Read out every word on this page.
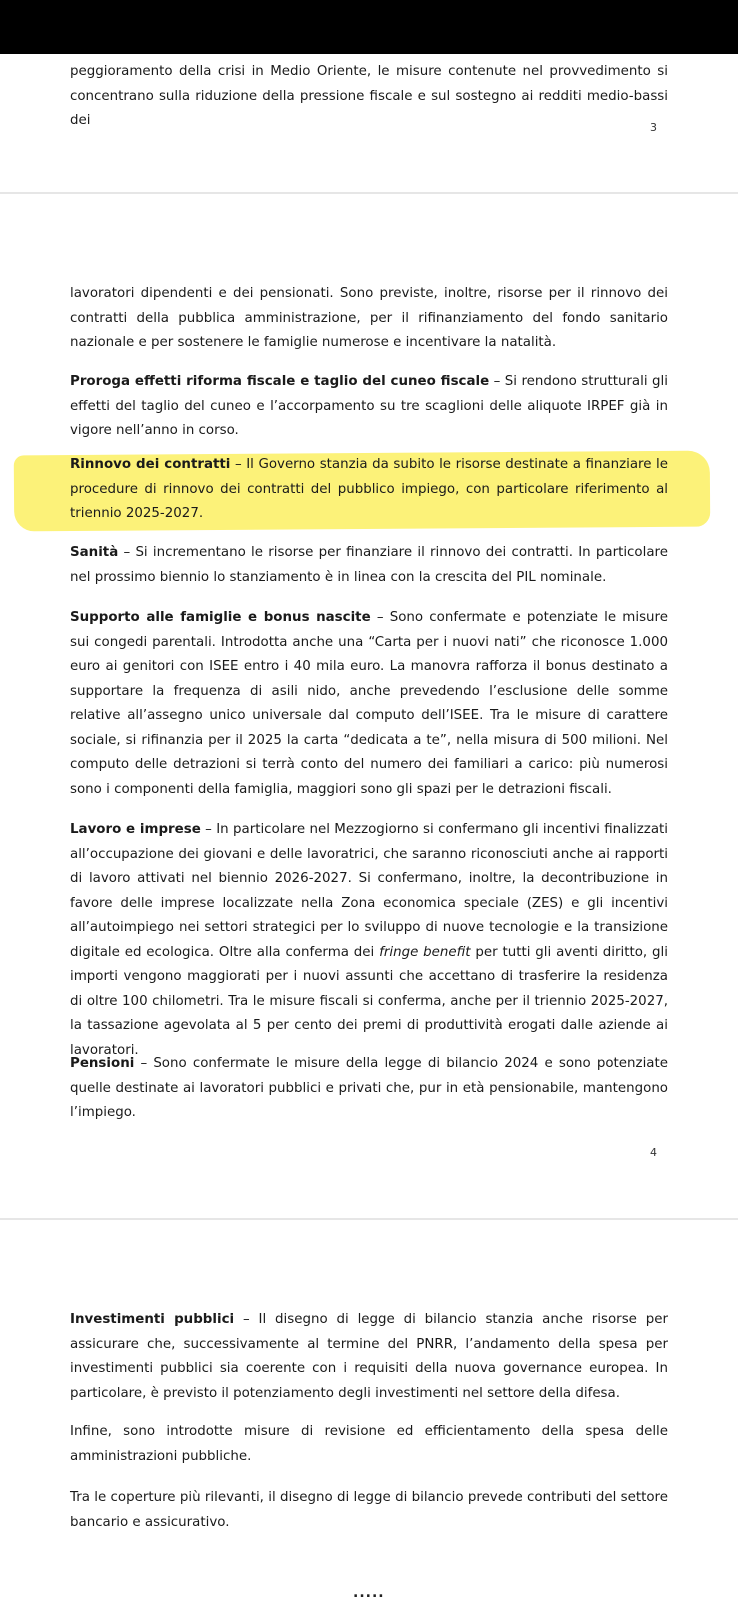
peggioramento della crisi in Medio Oriente, le misure contenute nel provvedimento si concentrano sulla riduzione della pressione fiscale e sul sostegno ai redditi medio-bassi dei	3

lavoratori dipendenti e dei pensionati. Sono previste, inoltre, risorse per il rinnovo dei contratti della pubblica amministrazione, per il rifinanziamento del fondo sanitario nazionale e per sostenere le famiglie numerose e incentivare la natalità.

Proroga effetti riforma fiscale e taglio del cuneo fiscale – Si rendono strutturali gli effetti del taglio del cuneo e l’accorpamento su tre scaglioni delle aliquote IRPEF già in vigore nell’anno in corso.

Rinnovo dei contratti – Il Governo stanzia da subito le risorse destinate a finanziare le procedure di rinnovo dei contratti del pubblico impiego, con particolare riferimento al triennio 2025-2027.

Sanità – Si incrementano le risorse per finanziare il rinnovo dei contratti. In particolare nel prossimo biennio lo stanziamento è in linea con la crescita del PIL nominale.

Supporto alle famiglie e bonus nascite – Sono confermate e potenziate le misure sui congedi parentali. Introdotta anche una “Carta per i nuovi nati” che riconosce 1.000 euro ai genitori con ISEE entro i 40 mila euro. La manovra rafforza il bonus destinato a supportare la frequenza di asili nido, anche prevedendo l’esclusione delle somme relative all’assegno unico universale dal computo dell’ISEE. Tra le misure di carattere sociale, si rifinanzia per il 2025 la carta “dedicata a te”, nella misura di 500 milioni. Nel computo delle detrazioni si terrà conto del numero dei familiari a carico: più numerosi sono i componenti della famiglia, maggiori sono gli spazi per le detrazioni fiscali.

Lavoro e imprese – In particolare nel Mezzogiorno si confermano gli incentivi finalizzati all’occupazione dei giovani e delle lavoratrici, che saranno riconosciuti anche ai rapporti di lavoro attivati nel biennio 2026-2027. Si confermano, inoltre, la decontribuzione in favore delle imprese localizzate nella Zona economica speciale (ZES) e gli incentivi all’autoimpiego nei settori strategici per lo sviluppo di nuove tecnologie e la transizione digitale ed ecologica. Oltre alla conferma dei fringe benefit per tutti gli aventi diritto, gli importi vengono maggiorati per i nuovi assunti che accettano di trasferire la residenza di oltre 100 chilometri. Tra le misure fiscali si conferma, anche per il triennio 2025-2027, la tassazione agevolata al 5 per cento dei premi di produttività erogati dalle aziende ai lavoratori.

Pensioni – Sono confermate le misure della legge di bilancio 2024 e sono potenziate quelle destinate ai lavoratori pubblici e privati che, pur in età pensionabile, mantengono l’impiego.

4

Investimenti pubblici – Il disegno di legge di bilancio stanzia anche risorse per assicurare che, successivamente al termine del PNRR, l’andamento della spesa per investimenti pubblici sia coerente con i requisiti della nuova governance europea. In particolare, è previsto il potenziamento degli investimenti nel settore della difesa.

Infine, sono introdotte misure di revisione ed efficientamento della spesa delle amministrazioni pubbliche.

Tra le coperture più rilevanti, il disegno di legge di bilancio prevede contributi del settore bancario e assicurativo.

.....
